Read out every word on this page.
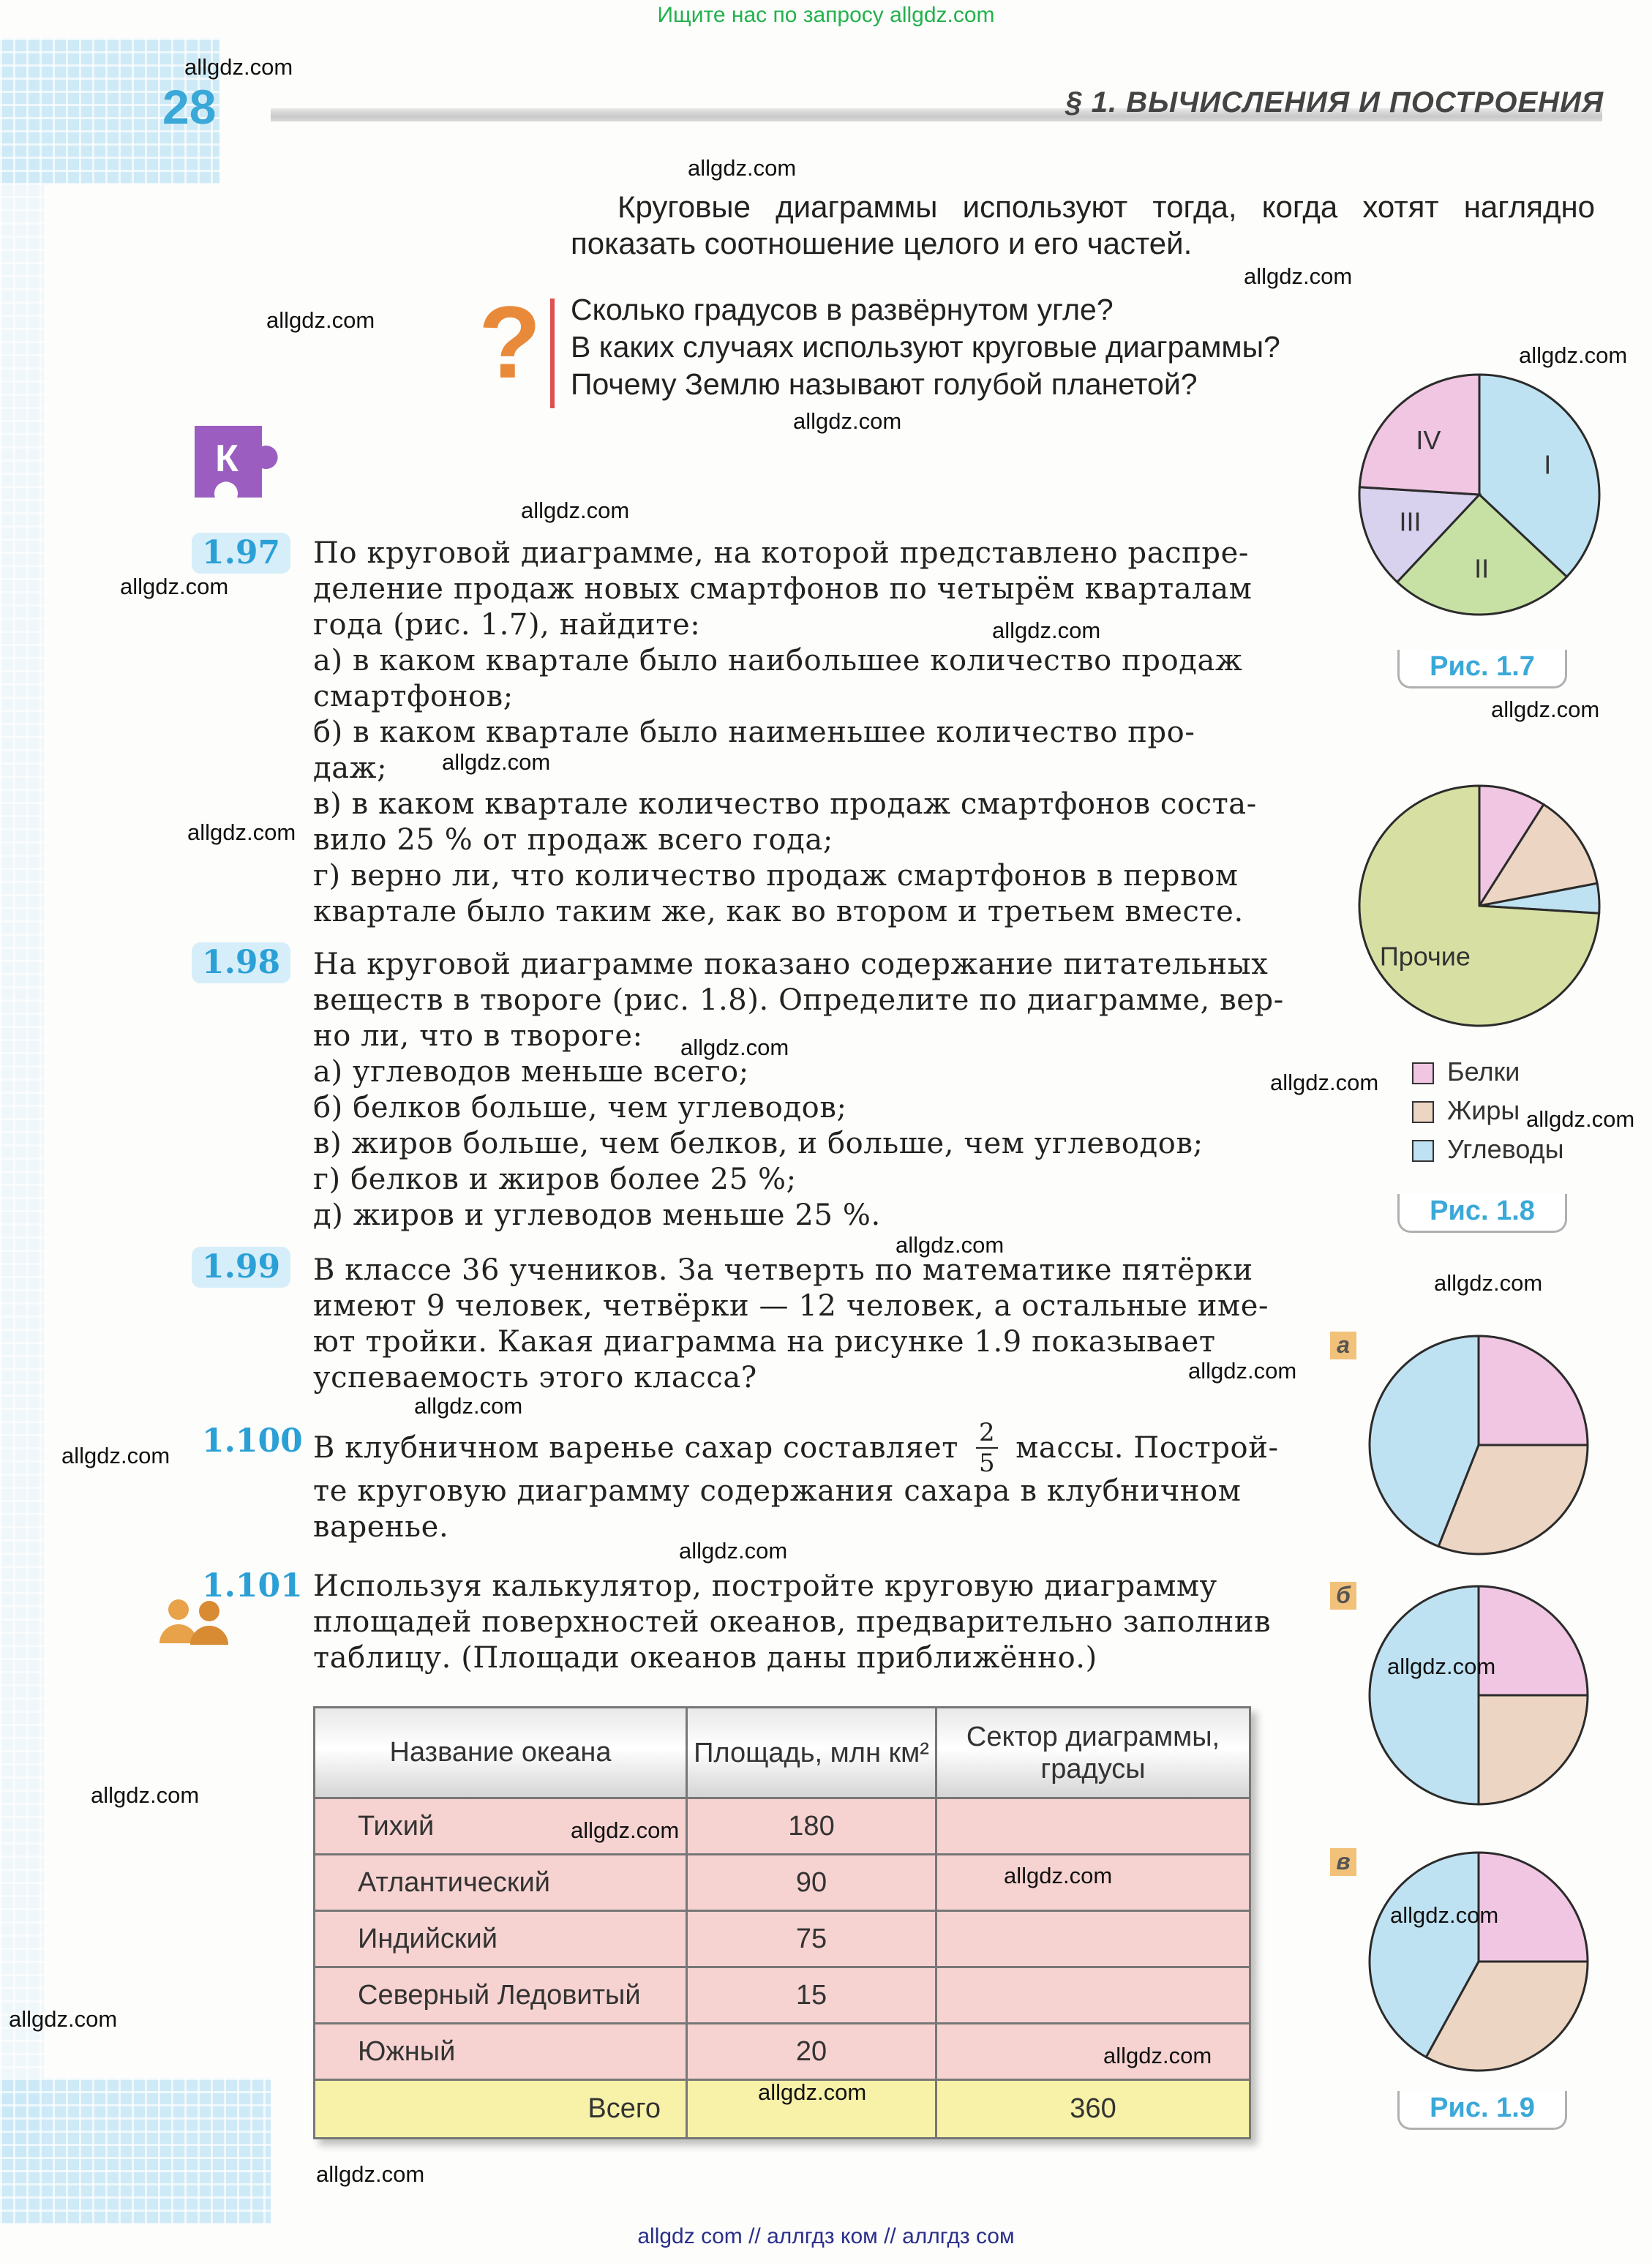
Ищите нас по запросу allgdz.com
28	§ 1. ВЫЧИСЛЕНИЯ И ПОСТРОЕНИЯ

Круговые диаграммы используют тогда, когда хотят наглядно показать соотношение целого и его частей.

? Сколько градусов в развёрнутом угле?
В каких случаях используют круговые диаграммы?
Почему Землю называют голубой планетой?
К
1.97	По круговой диаграмме, на которой представлено распре-
деление продаж новых смартфонов по четырём кварталам
года (рис. 1.7), найдите:
а) в каком квартале было наибольшее количество продаж
смартфонов;
б) в каком квартале было наименьшее количество про-
даж;
в) в каком квартале количество продаж смартфонов соста-
вило 25 % от продаж всего года;
г) верно ли, что количество продаж смартфонов в первом
квартале было таким же, как во втором и третьем вместе.
1.98	На круговой диаграмме показано содержание питательных
веществ в твороге (рис. 1.8). Определите по диаграмме, вер-
но ли, что в твороге:
а) углеводов меньше всего;
б) белков больше, чем углеводов;
в) жиров больше, чем белков, и больше, чем углеводов;
г) белков и жиров более 25 %;
д) жиров и углеводов меньше 25 %.
1.99	В классе 36 учеников. За четверть по математике пятёрки
имеют 9 человек, четвёрки — 12 человек, а остальные име-
ют тройки. Какая диаграмма на рисунке 1.9 показывает
успеваемость этого класса?
1.100 В клубничном варенье сахар составляет $\frac{2}{5}$ массы. Построй-
те круговую диаграмму содержания сахара в клубничном
варенье.
1.101 Используя калькулятор, постройте круговую диаграмму
площадей поверхностей океанов, предварительно заполнив
таблицу. (Площади океанов даны приближённо.)
Название океана	Площадь, млн км²	Сектор диаграммы, градусы
Тихий	180	
Атлантический	90	
Индийский	75	
Северный Ледовитый	15	
Южный	20	
Всего		360
I
II
III
IV
Рис. 1.7
Прочие
Белки
Жиры
Углеводы
Рис. 1.8
а
б
в
Рис. 1.9
allgdz.com
allgdz.com
allgdz.com
allgdz.com
allgdz.com
allgdz.com
allgdz.com
allgdz.com
allgdz.com
allgdz.com
allgdz.com
allgdz.com
allgdz.com
allgdz.com
allgdz.com
allgdz.com
allgdz.com
allgdz.com
allgdz.com
allgdz.com
allgdz.com
allgdz.com
allgdz.com
allgdz.com
allgdz.com
allgdz.com
allgdz.com
allgdz.com
allgdz.com
allgdz.com
allgdz com // аллгдз ком // аллгдз сом
